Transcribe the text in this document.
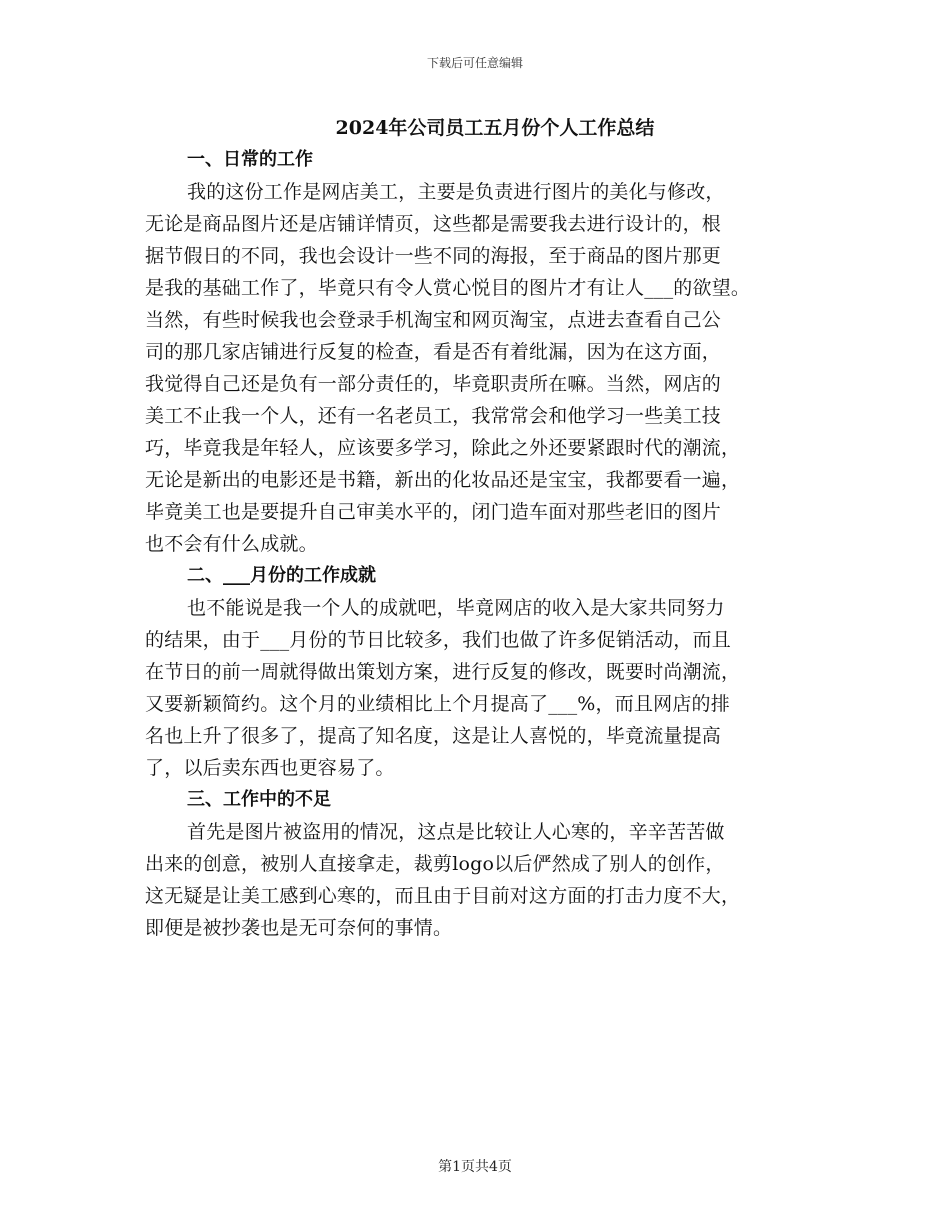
下载后可任意编辑
2024年公司员工五月份个人工作总结
一、日常的工作
我的这份工作是网店美工，主要是负责进行图片的美化与修改，
无论是商品图片还是店铺详情页，这些都是需要我去进行设计的，根
据节假日的不同，我也会设计一些不同的海报，至于商品的图片那更
是我的基础工作了，毕竟只有令人赏心悦目的图片才有让人___的欲望。
当然，有些时候我也会登录手机淘宝和网页淘宝，点进去查看自己公
司的那几家店铺进行反复的检查，看是否有着纰漏，因为在这方面，
我觉得自己还是负有一部分责任的，毕竟职责所在嘛。当然，网店的
美工不止我一个人，还有一名老员工，我常常会和他学习一些美工技
巧，毕竟我是年轻人，应该要多学习，除此之外还要紧跟时代的潮流，
无论是新出的电影还是书籍，新出的化妆品还是宝宝，我都要看一遍，
毕竟美工也是要提升自己审美水平的，闭门造车面对那些老旧的图片
也不会有什么成就。
二、___月份的工作成就
也不能说是我一个人的成就吧，毕竟网店的收入是大家共同努力
的结果，由于___月份的节日比较多，我们也做了许多促销活动，而且
在节日的前一周就得做出策划方案，进行反复的修改，既要时尚潮流，
又要新颖简约。这个月的业绩相比上个月提高了___%，而且网店的排
名也上升了很多了，提高了知名度，这是让人喜悦的，毕竟流量提高
了，以后卖东西也更容易了。
三、工作中的不足
首先是图片被盗用的情况，这点是比较让人心寒的，辛辛苦苦做
出来的创意，被别人直接拿走，裁剪logo以后俨然成了别人的创作，
这无疑是让美工感到心寒的，而且由于目前对这方面的打击力度不大，
即便是被抄袭也是无可奈何的事情。
第1页共4页
